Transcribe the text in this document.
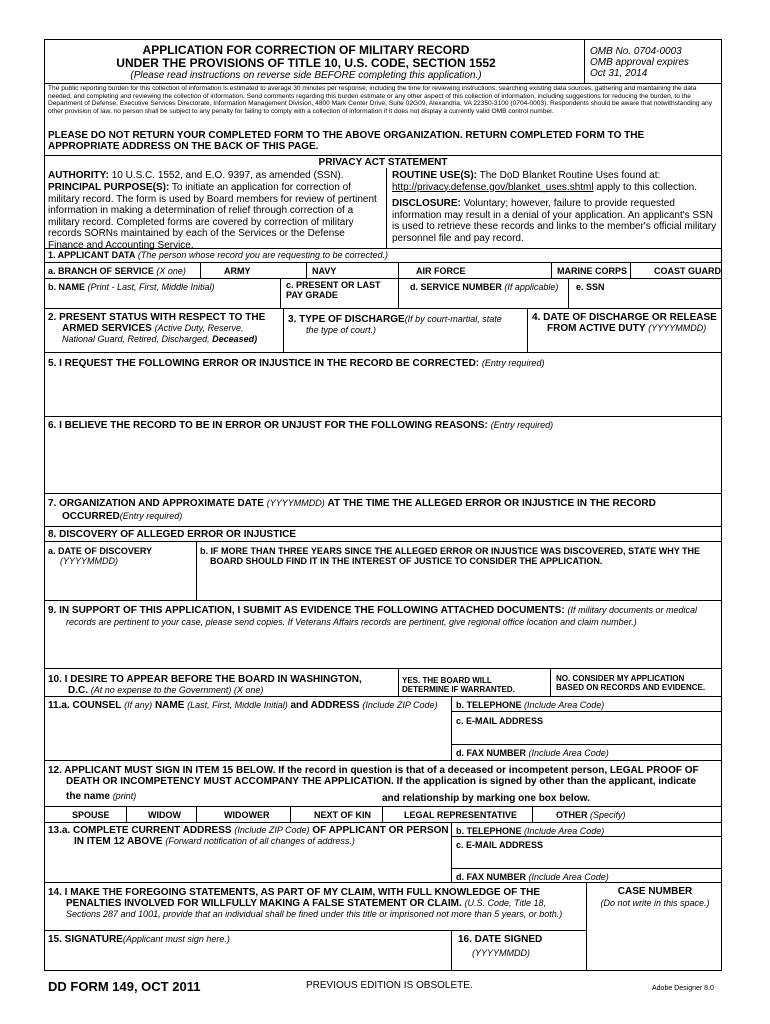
APPLICATION FOR CORRECTION OF MILITARY RECORD
UNDER THE PROVISIONS OF TITLE 10, U.S. CODE, SECTION 1552
(Please read instructions on reverse side BEFORE completing this application.)
OMB No. 0704-0003
OMB approval expires
Oct 31, 2014
The public reporting burden for this collection of information is estimated to average 30 minutes per response, including the time for reviewing instructions, searching existing data sources, gathering and maintaining the data needed, and completing and reviewing the collection of information. Send comments regarding this burden estimate or any other aspect of this collection of information, including suggestions for reducing the burden, to the Department of Defense, Executive Services Directorate, Information Management Division, 4800 Mark Center Drive, Suite 02G09, Alexandria, VA 22350-3100 (0704-0003). Respondents should be aware that notwithstanding any other provision of law, no person shall be subject to any penalty for failing to comply with a collection of information if it does not display a currently valid OMB control number.
PLEASE DO NOT RETURN YOUR COMPLETED FORM TO THE ABOVE ORGANIZATION. RETURN COMPLETED FORM TO THE APPROPRIATE ADDRESS ON THE BACK OF THIS PAGE.
PRIVACY ACT STATEMENT
AUTHORITY: 10 U.S.C. 1552, and E.O. 9397, as amended (SSN).
PRINCIPAL PURPOSE(S): To initiate an application for correction of military record. The form is used by Board members for review of pertinent information in making a determination of relief through correction of a military record. Completed forms are covered by correction of military records SORNs maintained by each of the Services or the Defense Finance and Accounting Service.
ROUTINE USE(S): The DoD Blanket Routine Uses found at: http://privacy.defense.gov/blanket_uses.shtml apply to this collection.
DISCLOSURE: Voluntary; however, failure to provide requested information may result in a denial of your application. An applicant's SSN is used to retrieve these records and links to the member's official military personnel file and pay record.
1. APPLICANT DATA (The person whose record you are requesting to be corrected.)
a. BRANCH OF SERVICE (X one)	ARMY	NAVY	AIR FORCE	MARINE CORPS	COAST GUARD
b. NAME (Print - Last, First, Middle Initial)	c. PRESENT OR LAST PAY GRADE
d. SERVICE NUMBER (If applicable) e. SSN
2. PRESENT STATUS WITH RESPECT TO THE
ARMED SERVICES (Active Duty, Reserve,
National Guard, Retired, Discharged, Deceased)
3. TYPE OF DISCHARGE(If by court-martial, state
the type of court.)
4. DATE OF DISCHARGE OR RELEASE
FROM ACTIVE DUTY (YYYYMMDD)
5. I REQUEST THE FOLLOWING ERROR OR INJUSTICE IN THE RECORD BE CORRECTED: (Entry required)
6. I BELIEVE THE RECORD TO BE IN ERROR OR UNJUST FOR THE FOLLOWING REASONS: (Entry required)
7. ORGANIZATION AND APPROXIMATE DATE (YYYYMMDD) AT THE TIME THE ALLEGED ERROR OR INJUSTICE IN THE RECORD
OCCURRED(Entry required)
8. DISCOVERY OF ALLEGED ERROR OR INJUSTICE
a. DATE OF DISCOVERY
(YYYYMMDD)
b. IF MORE THAN THREE YEARS SINCE THE ALLEGED ERROR OR INJUSTICE WAS DISCOVERED, STATE WHY THE
BOARD SHOULD FIND IT IN THE INTEREST OF JUSTICE TO CONSIDER THE APPLICATION.
9. IN SUPPORT OF THIS APPLICATION, I SUBMIT AS EVIDENCE THE FOLLOWING ATTACHED DOCUMENTS: (If military documents or medical
records are pertinent to your case, please send copies. If Veterans Affairs records are pertinent, give regional office location and claim number.)
10. I DESIRE TO APPEAR BEFORE THE BOARD IN WASHINGTON,
D.C. (At no expense to the Government) (X one)
YES. THE BOARD WILL
DETERMINE IF WARRANTED.
NO. CONSIDER MY APPLICATION
BASED ON RECORDS AND EVIDENCE.
11.a. COUNSEL (If any) NAME (Last, First, Middle Initial) and ADDRESS (Include ZIP Code)	b. TELEPHONE (Include Area Code)
c. E-MAIL ADDRESS
d. FAX NUMBER (Include Area Code)
12. APPLICANT MUST SIGN IN ITEM 15 BELOW. If the record in question is that of a deceased or incompetent person, LEGAL PROOF OF
DEATH OR INCOMPETENCY MUST ACCOMPANY THE APPLICATION. If the application is signed by other than the applicant, indicate
the name (print)	and relationship by marking one box below.
SPOUSE	WIDOW	WIDOWER	NEXT OF KIN	LEGAL REPRESENTATIVE	OTHER (Specify)
13.a. COMPLETE CURRENT ADDRESS (Include ZIP Code) OF APPLICANT OR PERSON
IN ITEM 12 ABOVE (Forward notification of all changes of address.)
b. TELEPHONE (Include Area Code)
c. E-MAIL ADDRESS
d. FAX NUMBER (Include Area Code)
14. I MAKE THE FOREGOING STATEMENTS, AS PART OF MY CLAIM, WITH FULL KNOWLEDGE OF THE
PENALTIES INVOLVED FOR WILLFULLY MAKING A FALSE STATEMENT OR CLAIM. (U.S. Code, Title 18,
Sections 287 and 1001, provide that an individual shall be fined under this title or imprisoned not more than 5 years, or both.)
CASE NUMBER
(Do not write in this space.)
15. SIGNATURE(Applicant must sign here.)	16. DATE SIGNED
(YYYYMMDD)
DD FORM 149, OCT 2011	PREVIOUS EDITION IS OBSOLETE.	Adobe Designer 8.0
